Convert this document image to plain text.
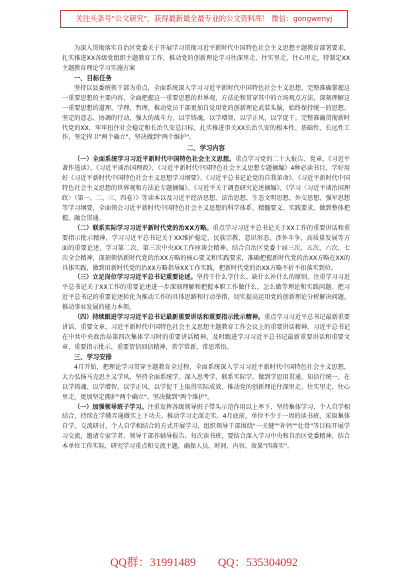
关注头条号"公文研究"，获得最新最全最专业的公文资料库！ 微信：gongwenyj

为深入贯彻落实自治区党委关于开展学习贯彻习近平新时代中国特色社会主义思想主题教育部署要求，扎实推进XX各级党组织主题教育工作，推动党的创新理论学习往深里走、往实里走、往心里走，特制定XX主题教育理论学习实施方案

一、目标任务

坚持以县委统领干部为重点，全面系统深入学习习近平新时代中国特色社会主义思想，完整准确掌握这一重要思想的主要内容，全面把握这一重要思想的世界观、方法论和贯穿其中的立场观点方法，深刻理解这一重要思想的道理、学理、哲理，推动党员干部更加自觉用党的创新理论武装头脑，始终保持统一的思想、坚定的意志、协调的行动、强大的战斗力，以学铸魂，以学增智，以学正风，以学促干。完整准确贯彻新时代党的XX，牢牢扭住社会稳定和长治久安总目标，扎实推进事关XX长治久安的根本性、基础性、长远性工作，坚定捍卫"两个确立"，坚决做到"两个维护"。

二、学习内容

（一）全面系统学习习近平新时代中国特色社会主义思想。重点学习党的二十大报告、党章，《习近平著作选读》、《习近平谈治国理政》、《习近平新时代中国特色社会主义思想专题摘编》4种必读书目，学好用好《习近平新时代中国特色社会主义思想学习纲要》、《习近平总书记论党的自我革命》、《习近平新时代中国特色社会主义思想的世界观和方法论专题摘编》、《习近平关于调查研究论述摘编》、《学习〈习近平谈治国理政〉（第一、二、三、四卷）》等读本以及习近平经济思想、法治思想、生态文明思想、外交思想、强军思想等学习纲要，全面领会习近平新时代中国特色社会主义思想的科学体系、精髓要义、实践要求，做到整体把握、融会贯通。

（二）联系实际学习习近平新时代党的治XX方略。重点学习习近平总书记关于XX工作的重要讲话和重要指示批示精神，学习习近平总书记关于XX维护稳定、民族宗教、意识形态、涉外斗争、高质量发展等方面的重要论述，学习第二次、第三次中央XX工作座谈会精神，结合自治区党委十届三次、五次、六次、七次全会精神，深刻领悟新时代党的治XX方略的核心要义和实践要求，准确把握新时代党的治XX方略在XX的具体实践，做到用新时代党的治XX方略指导XX工作实践，把新时代党的治XX方略不折不扣落实到位。

（三）立足岗位学习习近平总书记重要论述。坚持干什么学什么、缺什么补什么的原则，注重学习习近平总书记关于XX工作的重要论述进一步深刻理解和把握本职工作做什么、怎么做等理论和实践问题。把习近平总书记的重要论述转化为推动工作的具体思路和行动举措，切实提高运用党的创新理论分析解决问题、推动事业发展的能力本领。

（四）持续跟进学习习近平总书记最新重要讲话和重要指示批示精神。重点学习习近平总书记最新重要讲话、重要文章、习近平新时代中国特色社会主义思想主题教育工作会议上的重要讲话精神、习近平总书记在中共中央政治局第四次集体学习时的重要讲话精神，及时跟进学习习近平总书记最新重要讲话和重要文章、重要指示批示、重要贺信回信精神，常学常新、常思常悟。

三、学习安排

4月开始，把理论学习贯穿主题教育全过程，全面系统深入学习习近平新时代中国特色社会主义思想，大力弘扬马克思主义学风，坚持全面系统学、深入思考学、联系实际学，做到学思用贯通、知信行统一，在以学铸魂、以学增智、以学正风、以学促干上取得实际成效，推动党的创新理论往深里走、往实里走、往心里走，更加坚定拥护"两个确立"、坚决做到"两个维护"。

（一）加强领导班子学习。注重发挥各级领导班子带头示范作用以上率下，坚持集体学习、个人自学相结合，持续在学懂弄通做实上下功夫。推动学习走深走实。4月底前，单位不少于一周的读书班，采取集体自学、交流研讨、个人自学相结合的方式开展学习，组织领导干部围绕"一关键""补钙""壮骨"等目标开展学习交流，邀请专家学者、领导干部作辅导报告。每次读书班，要结合深入学习中央和自治区党委精神，结合本单位工作实际，研究学习重点和交流主题，确保人员、时间、内容、效果"四落实"。

QQ群：31991489 QQ：535304092
